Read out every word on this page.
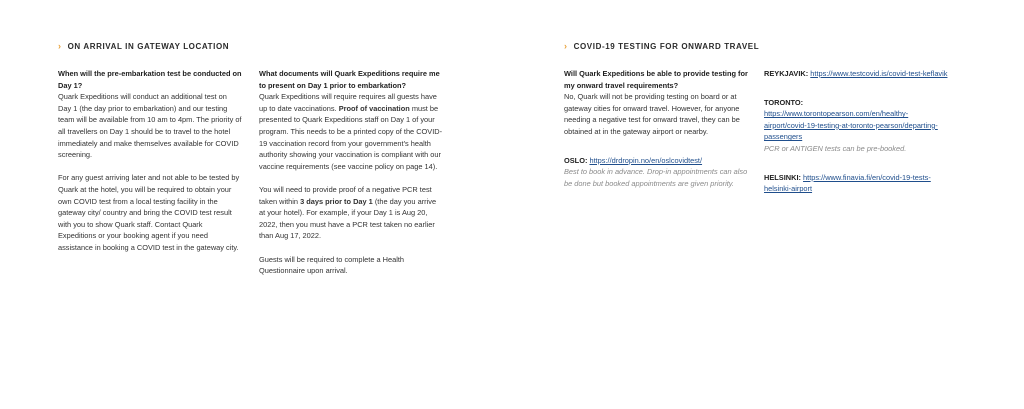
› ON ARRIVAL IN GATEWAY LOCATION

When will the pre-embarkation test be conducted on Day 1?

Quark Expeditions will conduct an additional test on Day 1 (the day prior to embarkation) and our testing team will be available from 10 am to 4pm. The priority of all travellers on Day 1 should be to travel to the hotel immediately and make themselves available for COVID screening.

For any guest arriving later and not able to be tested by Quark at the hotel, you will be required to obtain your own COVID test from a local testing facility in the gateway city/ country and bring the COVID test result with you to show Quark staff. Contact Quark Expeditions or your booking agent if you need assistance in booking a COVID test in the gateway city.

What documents will Quark Expeditions require me to present on Day 1 prior to embarkation?

Quark Expeditions will require requires all guests have up to date vaccinations. Proof of vaccination must be presented to Quark Expeditions staff on Day 1 of your program. This needs to be a printed copy of the COVID-19 vaccination record from your government's health authority showing your vaccination is compliant with our vaccine requirements (see vaccine policy on page 14).

You will need to provide proof of a negative PCR test taken within 3 days prior to Day 1 (the day you arrive at your hotel). For example, if your Day 1 is Aug 20, 2022, then you must have a PCR test taken no earlier than Aug 17, 2022.

Guests will be required to complete a Health Questionnaire upon arrival.

› COVID-19 TESTING FOR ONWARD TRAVEL

Will Quark Expeditions be able to provide testing for my onward travel requirements?

No, Quark will not be providing testing on board or at gateway cities for onward travel. However, for anyone needing a negative test for onward travel, they can be obtained at in the gateway airport or nearby.

OSLO: https://drdropin.no/en/oslcovidtest/

Best to book in advance. Drop-in appointments can also be done but booked appointments are given priority.

REYKJAVIK: https://www.testcovid.is/covid-test-keflavik

TORONTO: https://www.torontopearson.com/en/healthy-airport/covid-19-testing-at-toronto-pearson/departing-passengers

PCR or ANTIGEN tests can be pre-booked.

HELSINKI: https://www.finavia.fi/en/covid-19-tests-helsinki-airport
